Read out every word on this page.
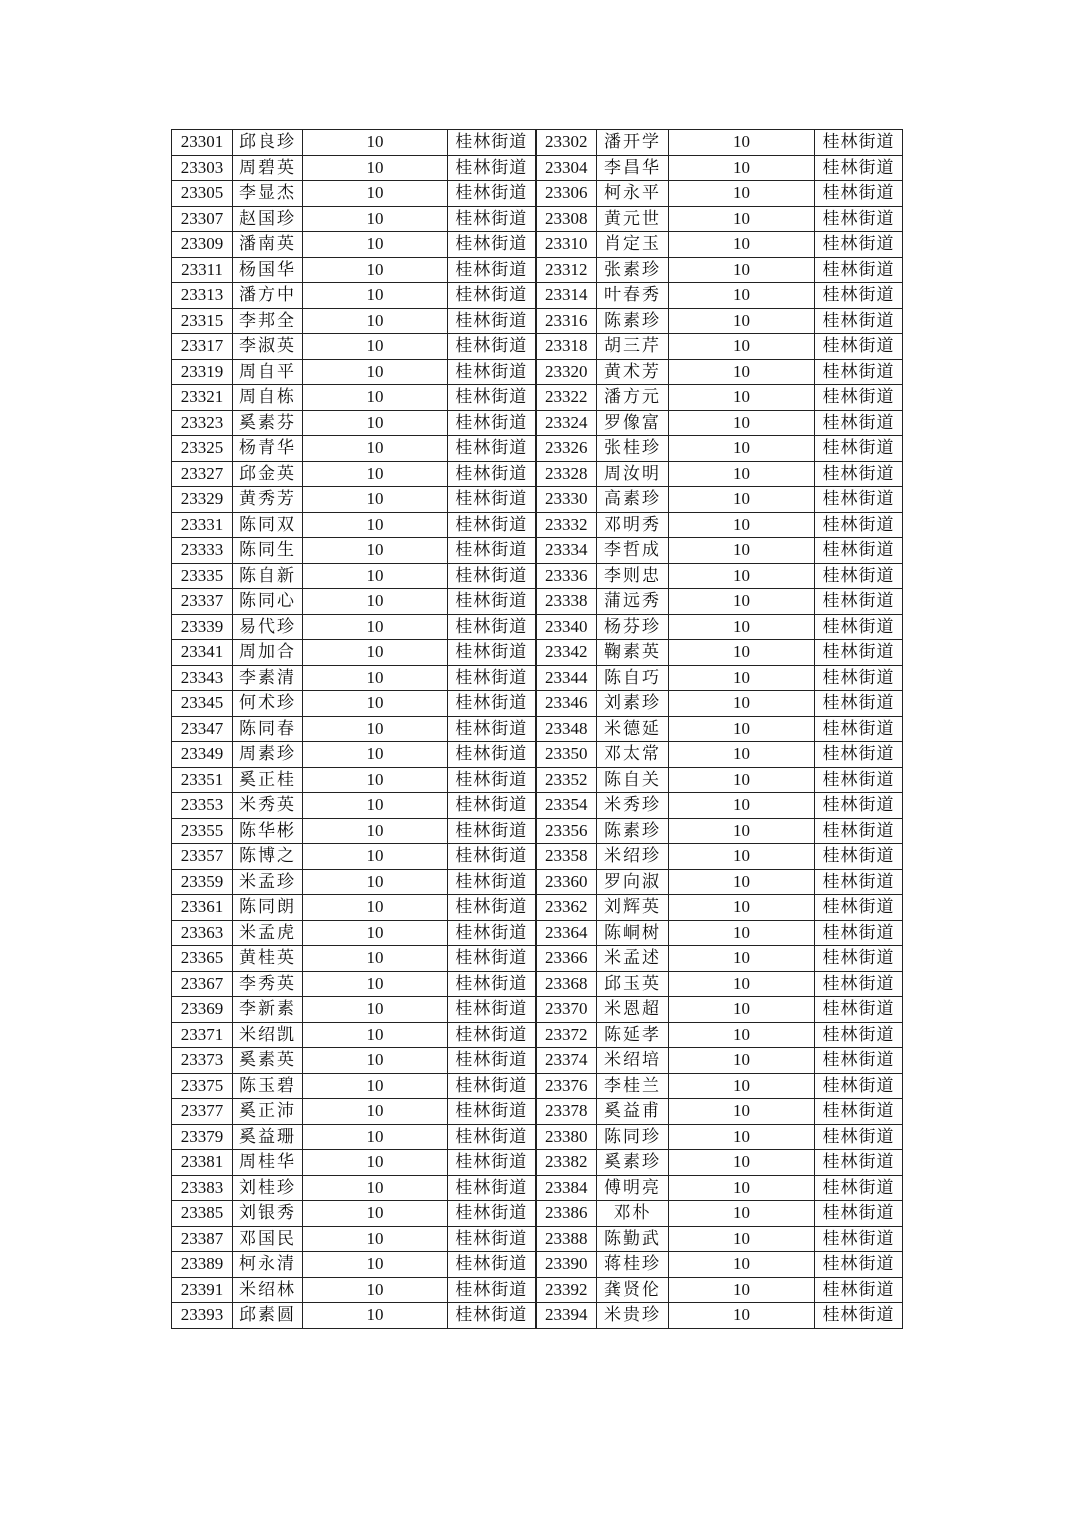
23301	邱良珍	10	桂林街道	23302	潘开学	10	桂林街道
23303	周碧英	10	桂林街道	23304	李昌华	10	桂林街道
23305	李显杰	10	桂林街道	23306	柯永平	10	桂林街道
23307	赵国珍	10	桂林街道	23308	黄元世	10	桂林街道
23309	潘南英	10	桂林街道	23310	肖定玉	10	桂林街道
23311	杨国华	10	桂林街道	23312	张素珍	10	桂林街道
23313	潘方中	10	桂林街道	23314	叶春秀	10	桂林街道
23315	李邦全	10	桂林街道	23316	陈素珍	10	桂林街道
23317	李淑英	10	桂林街道	23318	胡三芹	10	桂林街道
23319	周自平	10	桂林街道	23320	黄术芳	10	桂林街道
23321	周自栋	10	桂林街道	23322	潘方元	10	桂林街道
23323	奚素芬	10	桂林街道	23324	罗像富	10	桂林街道
23325	杨青华	10	桂林街道	23326	张桂珍	10	桂林街道
23327	邱金英	10	桂林街道	23328	周汝明	10	桂林街道
23329	黄秀芳	10	桂林街道	23330	高素珍	10	桂林街道
23331	陈同双	10	桂林街道	23332	邓明秀	10	桂林街道
23333	陈同生	10	桂林街道	23334	李哲成	10	桂林街道
23335	陈自新	10	桂林街道	23336	李则忠	10	桂林街道
23337	陈同心	10	桂林街道	23338	蒲远秀	10	桂林街道
23339	易代珍	10	桂林街道	23340	杨芬珍	10	桂林街道
23341	周加合	10	桂林街道	23342	鞠素英	10	桂林街道
23343	李素清	10	桂林街道	23344	陈自巧	10	桂林街道
23345	何术珍	10	桂林街道	23346	刘素珍	10	桂林街道
23347	陈同春	10	桂林街道	23348	米德延	10	桂林街道
23349	周素珍	10	桂林街道	23350	邓太常	10	桂林街道
23351	奚正桂	10	桂林街道	23352	陈自关	10	桂林街道
23353	米秀英	10	桂林街道	23354	米秀珍	10	桂林街道
23355	陈华彬	10	桂林街道	23356	陈素珍	10	桂林街道
23357	陈博之	10	桂林街道	23358	米绍珍	10	桂林街道
23359	米孟珍	10	桂林街道	23360	罗向淑	10	桂林街道
23361	陈同朗	10	桂林街道	23362	刘辉英	10	桂林街道
23363	米孟虎	10	桂林街道	23364	陈峒树	10	桂林街道
23365	黄桂英	10	桂林街道	23366	米孟述	10	桂林街道
23367	李秀英	10	桂林街道	23368	邱玉英	10	桂林街道
23369	李新素	10	桂林街道	23370	米恩超	10	桂林街道
23371	米绍凯	10	桂林街道	23372	陈延孝	10	桂林街道
23373	奚素英	10	桂林街道	23374	米绍培	10	桂林街道
23375	陈玉碧	10	桂林街道	23376	李桂兰	10	桂林街道
23377	奚正沛	10	桂林街道	23378	奚益甫	10	桂林街道
23379	奚益珊	10	桂林街道	23380	陈同珍	10	桂林街道
23381	周桂华	10	桂林街道	23382	奚素珍	10	桂林街道
23383	刘桂珍	10	桂林街道	23384	傅明亮	10	桂林街道
23385	刘银秀	10	桂林街道	23386	邓朴	10	桂林街道
23387	邓国民	10	桂林街道	23388	陈勤武	10	桂林街道
23389	柯永清	10	桂林街道	23390	蒋桂珍	10	桂林街道
23391	米绍林	10	桂林街道	23392	龚贤伦	10	桂林街道
23393	邱素圆	10	桂林街道	23394	米贵珍	10	桂林街道
